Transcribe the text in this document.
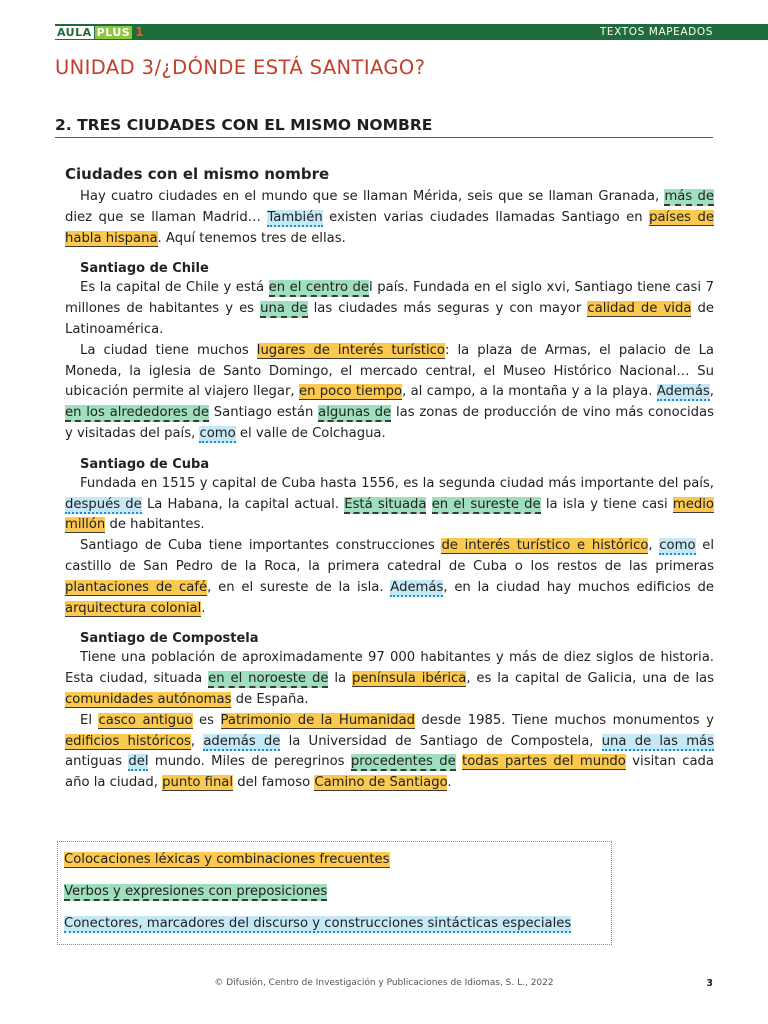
AULA PLUS 1	TEXTOS MAPEADOS
UNIDAD 3/¿DÓNDE ESTÁ SANTIAGO?
2. TRES CIUDADES CON EL MISMO NOMBRE
Ciudades con el mismo nombre

Hay cuatro ciudades en el mundo que se llaman Mérida, seis que se llaman Granada, más de diez que se llaman Madrid… También existen varias ciudades llamadas Santiago en países de habla hispana. Aquí tenemos tres de ellas.

Santiago de Chile

Es la capital de Chile y está en el centro del país. Fundada en el siglo xvi, Santiago tiene casi 7 millones de habitantes y es una de las ciudades más seguras y con mayor calidad de vida de Latinoamérica.

La ciudad tiene muchos lugares de interés turístico: la plaza de Armas, el palacio de La Moneda, la iglesia de Santo Domingo, el mercado central, el Museo Histórico Nacional… Su ubicación permite al viajero llegar, en poco tiempo, al campo, a la montaña y a la playa. Además, en los alrededores de Santiago están algunas de las zonas de producción de vino más conocidas y visitadas del país, como el valle de Colchagua.

Santiago de Cuba

Fundada en 1515 y capital de Cuba hasta 1556, es la segunda ciudad más importante del país, después de La Habana, la capital actual. Está situada en el sureste de la isla y tiene casi medio millón de habitantes.

Santiago de Cuba tiene importantes construcciones de interés turístico e histórico, como el castillo de San Pedro de la Roca, la primera catedral de Cuba o los restos de las primeras plantaciones de café, en el sureste de la isla. Además, en la ciudad hay muchos edificios de arquitectura colonial.

Santiago de Compostela

Tiene una población de aproximadamente 97 000 habitantes y más de diez siglos de historia. Esta ciudad, situada en el noroeste de la península ibérica, es la capital de Galicia, una de las comunidades autónomas de España.

El casco antiguo es Patrimonio de la Humanidad desde 1985. Tiene muchos monumentos y edificios históricos, además de la Universidad de Santiago de Compostela, una de las más antiguas del mundo. Miles de peregrinos procedentes de todas partes del mundo visitan cada año la ciudad, punto final del famoso Camino de Santiago.

Colocaciones léxicas y combinaciones frecuentes
Verbos y expresiones con preposiciones
Conectores, marcadores del discurso y construcciones sintácticas especiales
© Difusión, Centro de Investigación y Publicaciones de Idiomas, S. L., 2022	3
